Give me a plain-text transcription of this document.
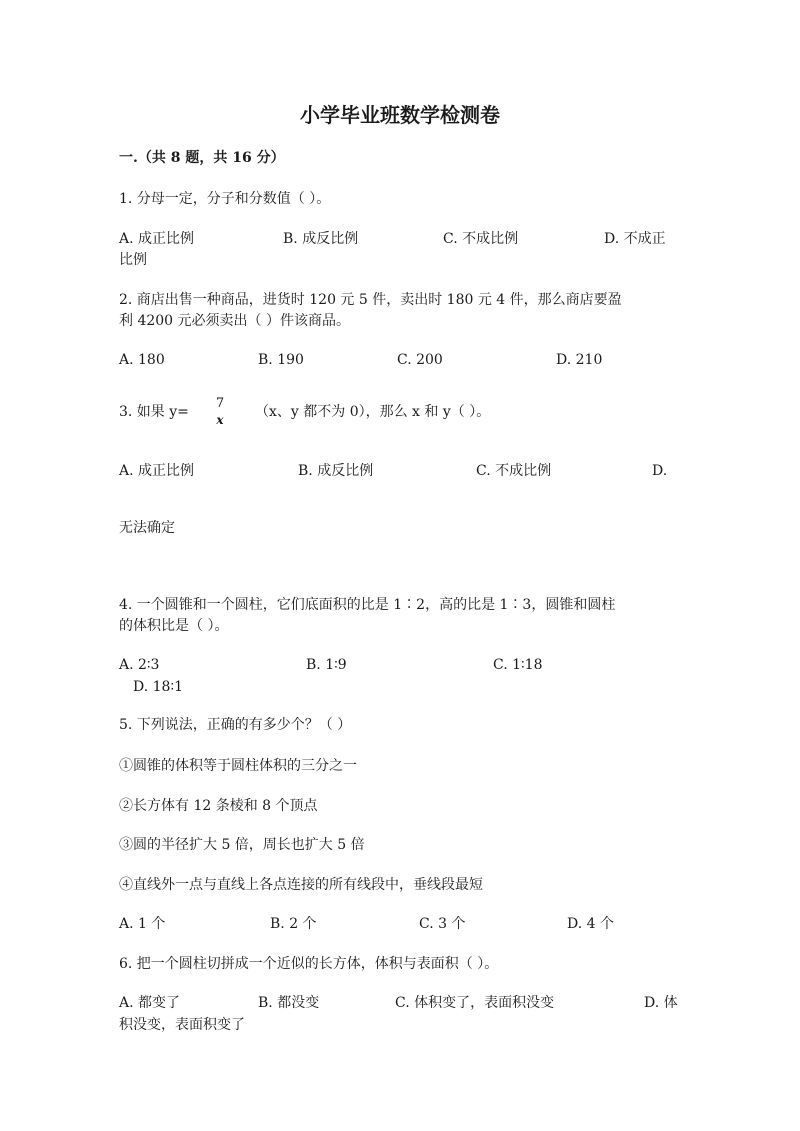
小学毕业班数学检测卷
一.（共 8 题，共 16 分）
1. 分母一定，分子和分数值（ ）。
A. 成正比例	B. 成反比例	C. 不成比例	D. 不成正
比例
2. 商店出售一种商品，进货时 120 元 5 件，卖出时 180 元 4 件，那么商店要盈
利 4200 元必须卖出（ ）件该商品。
A. 180	B. 190	C. 200	D. 210
3. 如果 y=
7
x	（x、y 都不为 0），那么 x 和 y（ ）。
A. 成正比例	B. 成反比例	C. 不成比例	D.
无法确定
4. 一个圆锥和一个圆柱，它们底面积的比是 1∶2，高的比是 1∶3，圆锥和圆柱
的体积比是（ ）。
A. 2∶3	B. 1∶9	C. 1∶18
D. 18∶1
5. 下列说法，正确的有多少个？（ ）
①圆锥的体积等于圆柱体积的三分之一
②长方体有 12 条棱和 8 个顶点
③圆的半径扩大 5 倍，周长也扩大 5 倍
④直线外一点与直线上各点连接的所有线段中，垂线段最短
A. 1 个	B. 2 个	C. 3 个	D. 4 个
6. 把一个圆柱切拼成一个近似的长方体，体积与表面积（ ）。
A. 都变了	B. 都没变	C. 体积变了，表面积没变	D. 体
积没变，表面积变了
